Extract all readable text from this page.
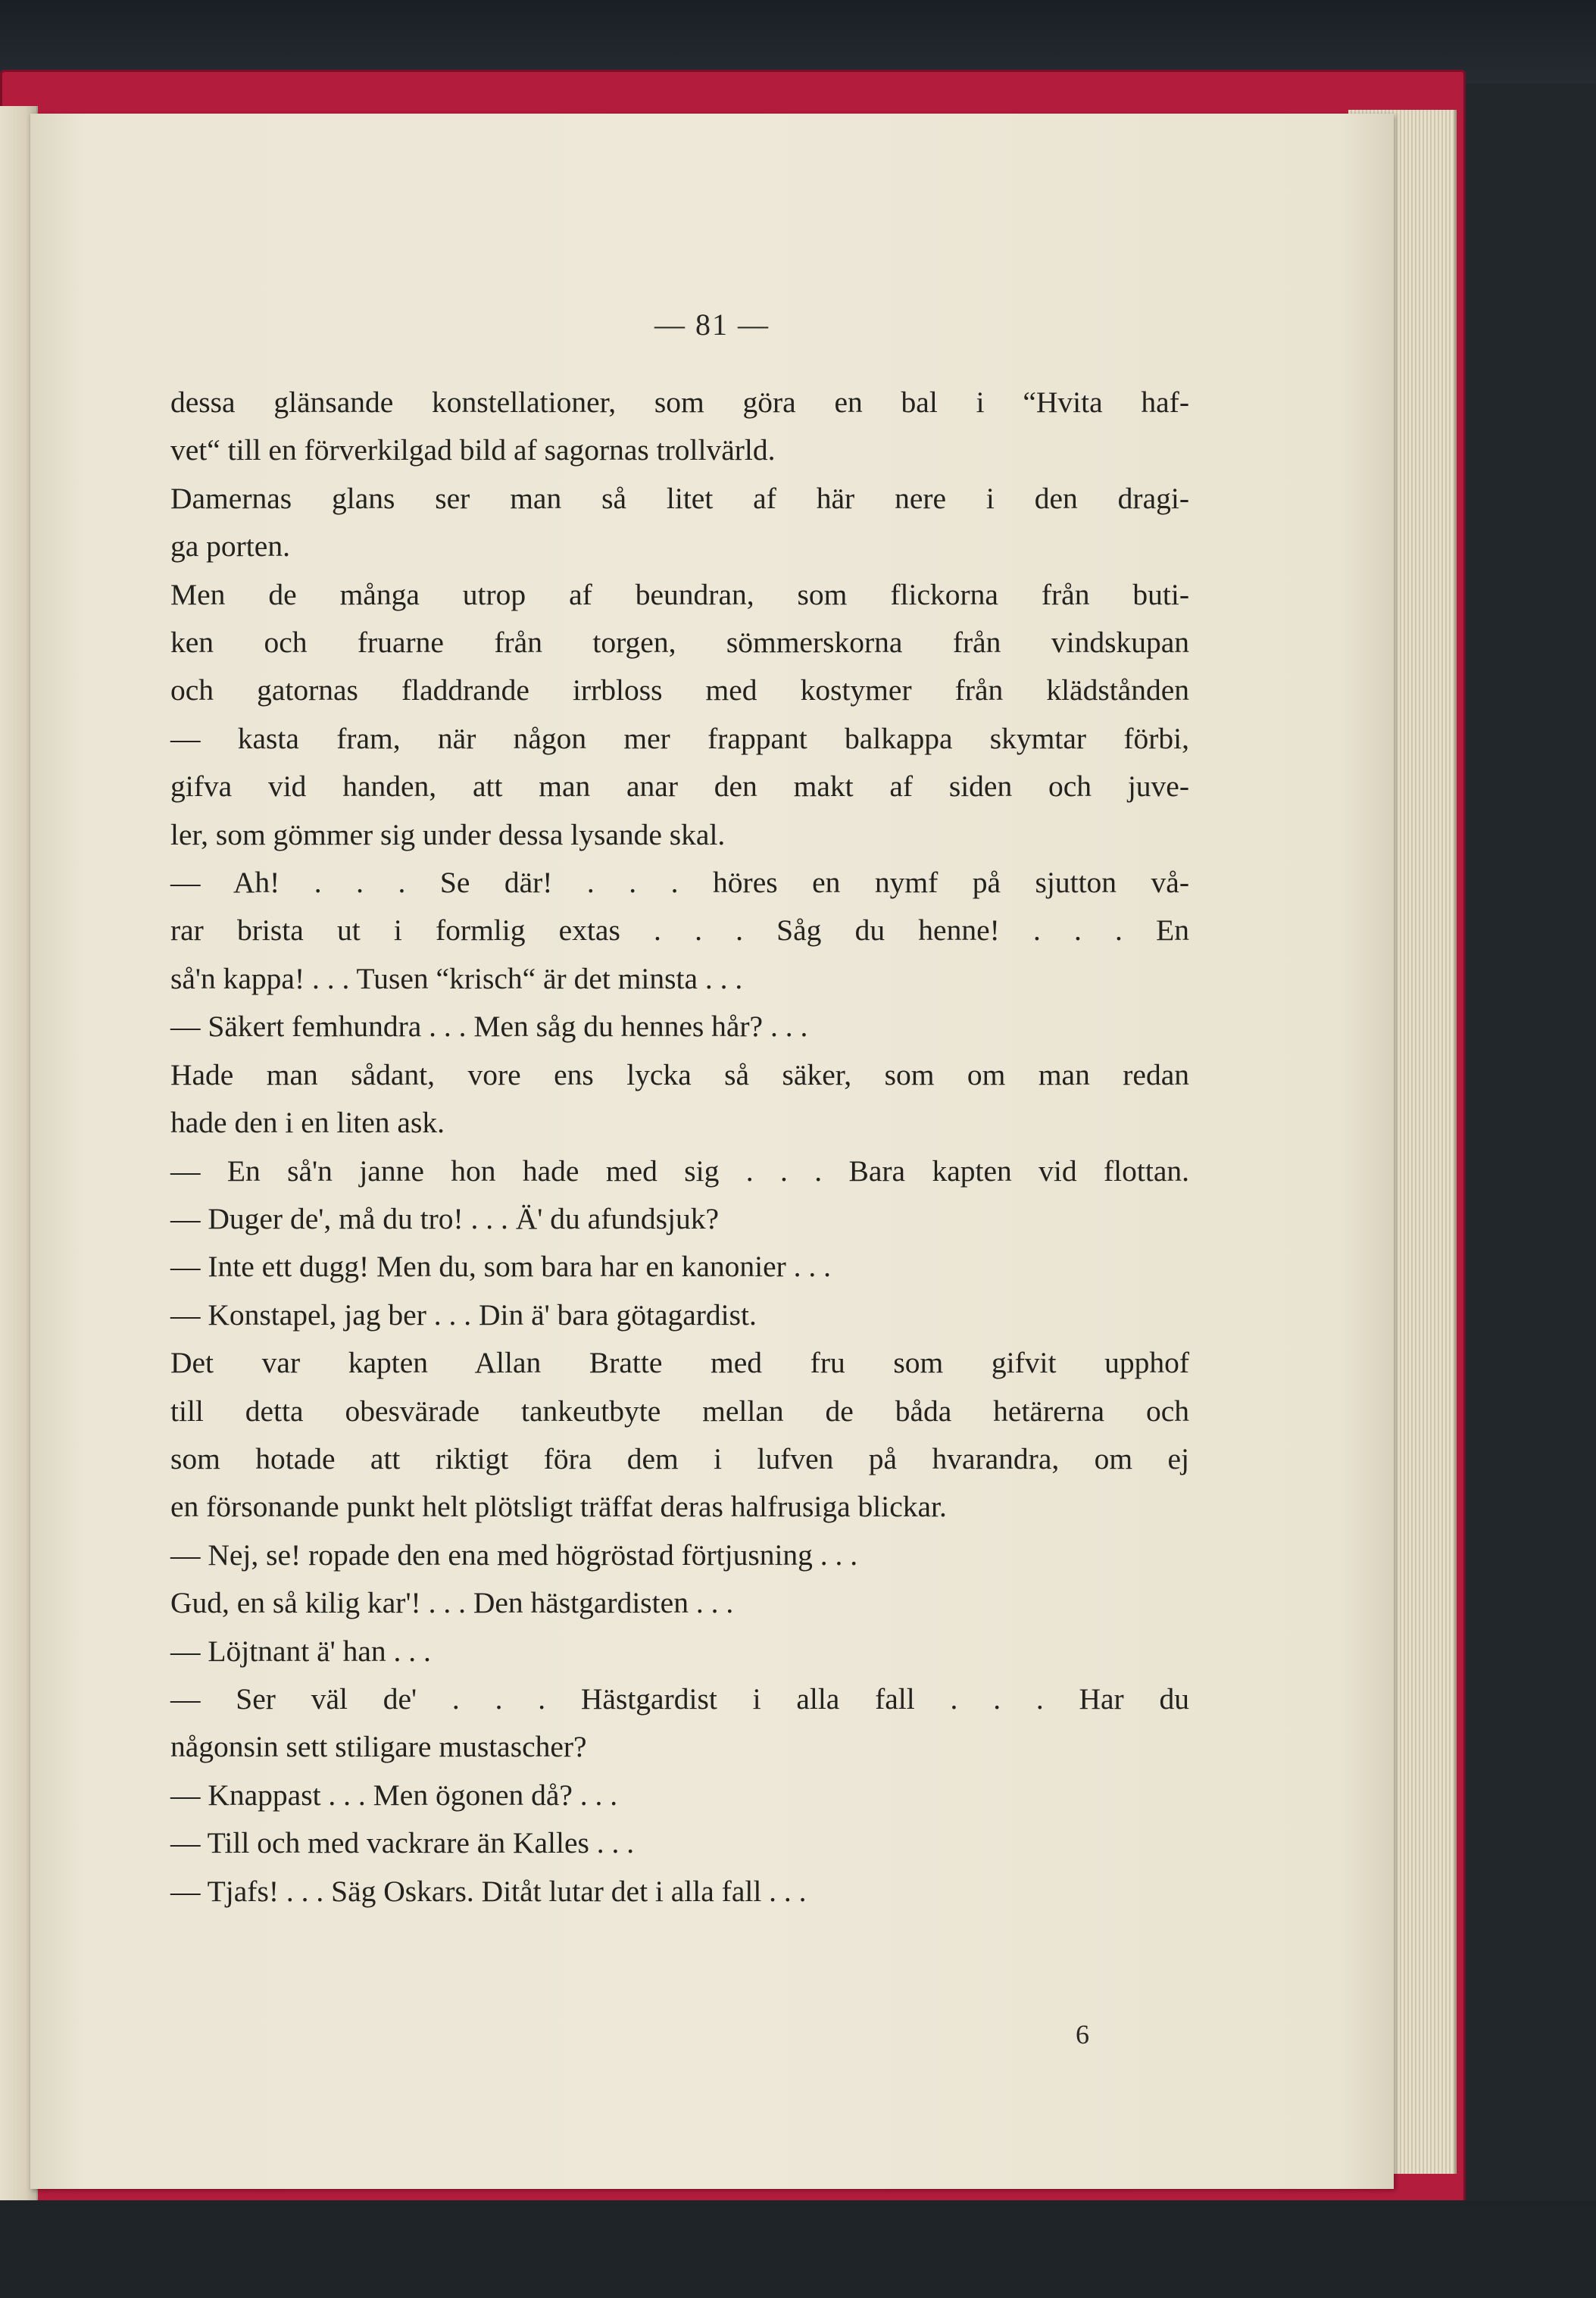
— 81 —
dessa glänsande konstellationer, som göra en bal i “Hvita haf-
vet“ till en förverkilgad bild af sagornas trollvärld.
Damernas glans ser man så litet af här nere i den dragi-
ga porten.
Men de många utrop af beundran, som flickorna från buti-
ken och fruarne från torgen, sömmerskorna från vindskupan
och gatornas fladdrande irrbloss med kostymer från klädstånden
— kasta fram, när någon mer frappant balkappa skymtar förbi,
gifva vid handen, att man anar den makt af siden och juve-
ler, som gömmer sig under dessa lysande skal.
— Ah! . . . Se där! . . . höres en nymf på sjutton vå-
rar brista ut i formlig extas . . . Såg du henne! . . . En
så'n kappa! . . . Tusen “krisch“ är det minsta . . .
— Säkert femhundra . . . Men såg du hennes hår? . . .
Hade man sådant, vore ens lycka så säker, som om man redan
hade den i en liten ask.
— En så'n janne hon hade med sig . . . Bara kapten vid flottan.
— Duger de', må du tro! . . . Ä' du afundsjuk?
— Inte ett dugg! Men du, som bara har en kanonier . . .
— Konstapel, jag ber . . . Din ä' bara götagardist.
Det var kapten Allan Bratte med fru som gifvit upphof
till detta obesvärade tankeutbyte mellan de båda hetärerna och
som hotade att riktigt föra dem i lufven på hvarandra, om ej
en försonande punkt helt plötsligt träffat deras halfrusiga blickar.
— Nej, se! ropade den ena med högröstad förtjusning . . .
Gud, en så kilig kar'! . . . Den hästgardisten . . .
— Löjtnant ä' han . . .
— Ser väl de' . . . Hästgardist i alla fall . . . Har du
någonsin sett stiligare mustascher?
— Knappast . . . Men ögonen då? . . .
— Till och med vackrare än Kalles . . .
— Tjafs! . . . Säg Oskars. Ditåt lutar det i alla fall . . .
6
